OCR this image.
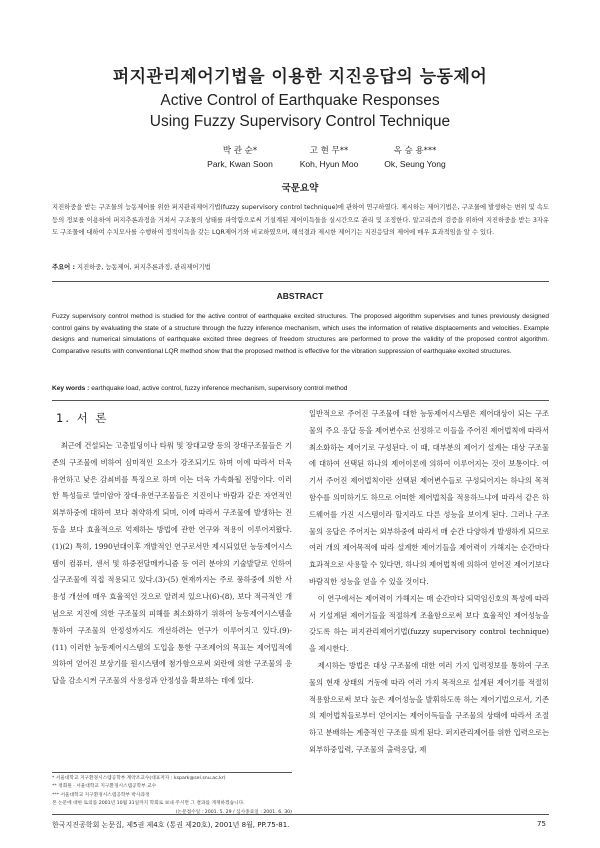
퍼지관리제어기법을 이용한 지진응답의 능동제어
Active Control of Earthquake Responses
Using Fuzzy Supervisory Control Technique
박 관 순*
Park, Kwan Soon
고 현 무**
Koh, Hyun Moo
옥 승 용***
Ok, Seung Yong
국문요약
지진하중을 받는 구조물의 능동제어를 위한 퍼지관리제어기법(fuzzy supervisory control technique)에 관하여 연구하였다. 제시하는 제어기법은, 구조물에 발생하는 변위 및 속도 등의 정보를 이용하여 퍼지추론과정을 거쳐서 구조물의 상태를 파악함으로써 기설계된 제어이득들을 실시간으로 관리 및 조정한다. 알고리즘의 검증을 위하여 지진하중을 받는 3자유도 구조물에 대하여 수치모사를 수행하여 정적이득을 갖는 LQR제어기와 비교하였으며, 해석결과 제시한 제어기는 지진응답의 제어에 매우 효과적임을 알 수 있다.
주요어 : 지진하중, 능동제어, 퍼지추론과정, 관리제어기법
ABSTRACT
Fuzzy supervisory control method is studied for the active control of earthquake excited structures. The proposed algorithm supervises and tunes previously designed control gains by evaluating the state of a structure through the fuzzy inference mechanism, which uses the information of relative displacements and velocities. Example designs and numerical simulations of earthquake excited three degrees of freedom structures are performed to prove the validity of the proposed control algorithm. Comparative results with conventional LQR method show that the proposed method is effective for the vibration suppression of earthquake excited structures.
Key words : earthquake load, active control, fuzzy inference mechanism, supervisory control method
1. 서 론

최근에 건설되는 고층빌딩이나 타워 및 장대교량 등의 장대구조물들은 기존의 구조물에 비하여 심미적인 요소가 강조되기도 하며 이에 따라서 더욱 유연하고 낮은 감쇠비를 특징으로 하며 이는 더욱 가속화될 전망이다. 이러한 특성들로 말미암아 장대·유연구조물들은 지진이나 바람과 같은 자연적인 외부하중에 대하여 보다 취약하게 되며, 이에 따라서 구조물에 발생하는 진동을 보다 효율적으로 억제하는 방법에 관한 연구와 적용이 이루어져왔다.(1)(2) 특히, 1990년대이후 개발적인 연구로서만 제시되었던 능동제어시스템이 컴퓨터, 센서 및 하중전달메카니즘 등 여러 분야의 기술발달로 인하여 실구조물에 직접 적용되고 있다.(3)-(5) 현재까지는 주로 풍하중에 의한 사용성 개선에 매우 효율적인 것으로 알려져 있으나(6)-(8), 보다 적극적인 개념으로 지진에 의한 구조물의 피해를 최소화하기 위하여 능동제어시스템을 통하여 구조물의 안정성까지도 개선하려는 연구가 이루어지고 있다.(9)-(11) 이러한 능동제어시스템의 도입을 통한 구조제어의 목표는 제어밉적에 의하여 얻어진 보상기를 원시스템에 첨가함으로써 외란에 의한 구조물의 응답을 감소시켜 구조물의 사용성과 안정성을 확보하는 데에 있다.

일반적으로 주어진 구조물에 대한 능동제어시스템은 제어대상이 되는 구조물의 주요 응답 등을 제어변수로 선정하고 이들을 주어진 제어법칙에 따라서 최소화하는 제어기로 구성된다. 이 때, 대부분의 제어기 설계는 대상 구조물에 대하여 선택된 하나의 제어이론에 의하여 이루어지는 것이 보통이다. 여기서 주어진 제어법칙이란 선택된 제어변수들로 구성되어지는 하나의 목적함수를 의미하기도 하므로 어떠한 제어법칙을 적용하느냐에 따라서 같은 하드웨어를 가진 시스템이라 할지라도 다른 성능을 보이게 된다. 그러나 구조물의 응답은 주어지는 외부하중에 따라서 매 순간 다양하게 발생하게 되므로 여러 개의 제어목적에 따라 설계한 제어기들을 제어력이 가해지는 순간마다 효과적으로 사용할 수 있다면, 하나의 제어법칙에 의하여 얻어진 제어기보다 바람직한 성능을 얻을 수 있을 것이다.

이 연구에서는 제어력이 가해지는 매 순간마다 되먹임신호의 특성에 따라서 기설계된 제어기들을 적절하게 조율함으로써 보다 효율적인 제어성능을 갖도록 하는 퍼지관리제어기법(fuzzy supervisory control technique)을 제시한다.

제시하는 방법은 대상 구조물에 대한 여러 가지 입력정보를 통하여 구조물의 현재 상태의 거동에 따라 여러 가지 목적으로 설계된 제어기를 적절히 적용함으로써 보다 높은 제어성능을 발휘하도록 하는 제어기법으로서, 기존의 제어법칙들로부터 얻어지는 제어이득들을 구조물의 상태에 따라서 조절하고 분배하는 계층적인 구조를 띄게 된다. 퍼지관리제어를 위한 입력으로는 외부하중입력, 구조물의 출력응답, 제

* 서울대학교 지구환경시스템공학부 계약조교수(대표저자 : kspark@sel.snu.ac.kr)
** 정회원 · 서울대학교 지구환경시스템공학부 교수
*** 서울대학교 지구환경시스템공학부 박사과정
본 논문에 대한 토의를 2001년 10월 31일까지 학회로 보내 주시면 그 결과를 게재하겠습니다.
(논문접수일 : 2001. 5. 29 / 심사종료일 : 2001. 6. 30)
한국지진공학회 논문집, 제5권 제4호 (통권 제20호), 2001년 8월, PP.75-81.	75
